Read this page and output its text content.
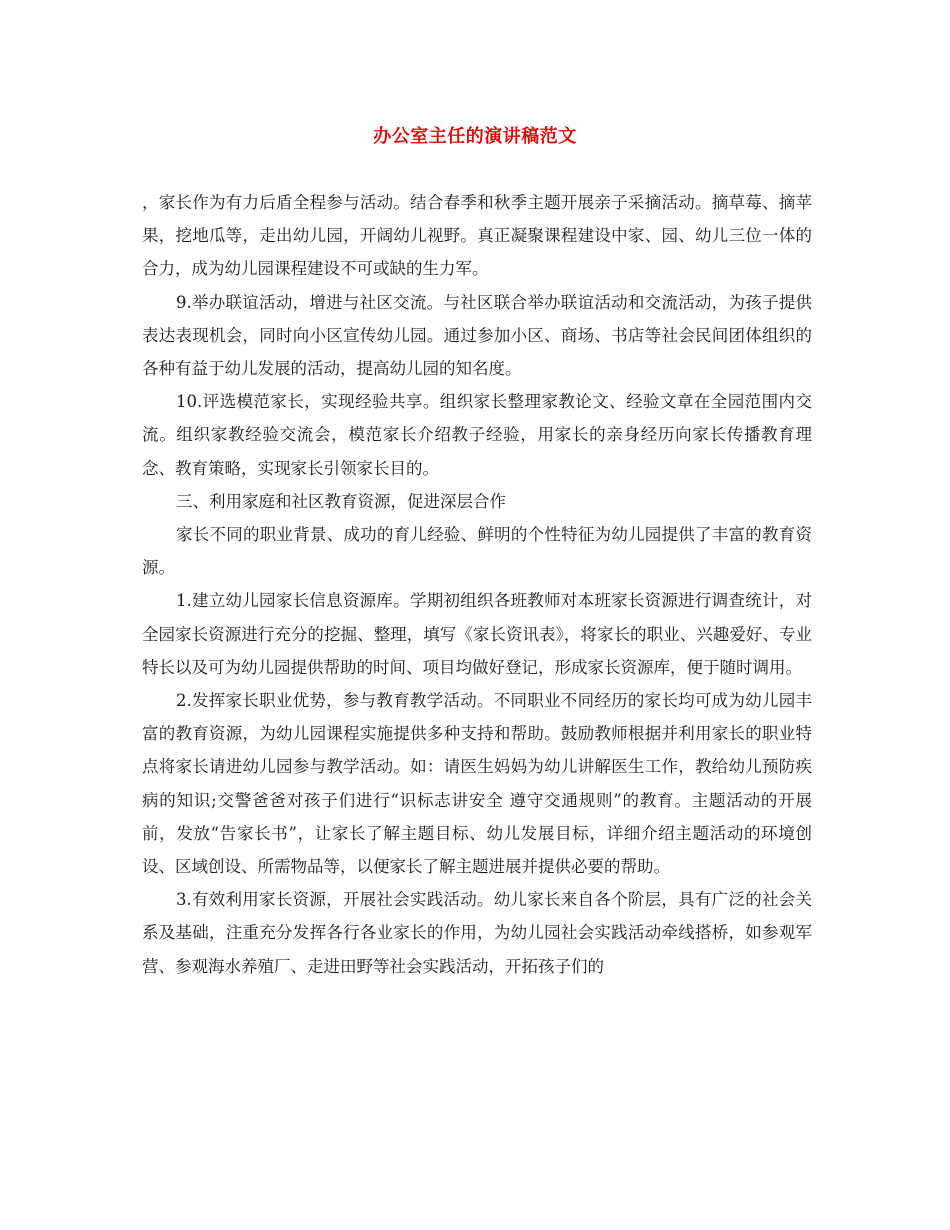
办公室主任的演讲稿范文

，家长作为有力后盾全程参与活动。结合春季和秋季主题开展亲子采摘活动。摘草莓、摘苹果，挖地瓜等，走出幼儿园，开阔幼儿视野。真正凝聚课程建设中家、园、幼儿三位一体的合力，成为幼儿园课程建设不可或缺的生力军。

9.举办联谊活动，增进与社区交流。与社区联合举办联谊活动和交流活动，为孩子提供表达表现机会，同时向小区宣传幼儿园。通过参加小区、商场、书店等社会民间团体组织的各种有益于幼儿发展的活动，提高幼儿园的知名度。

10.评选模范家长，实现经验共享。组织家长整理家教论文、经验文章在全园范围内交流。组织家教经验交流会，模范家长介绍教子经验，用家长的亲身经历向家长传播教育理念、教育策略，实现家长引领家长目的。

三、利用家庭和社区教育资源，促进深层合作

家长不同的职业背景、成功的育儿经验、鲜明的个性特征为幼儿园提供了丰富的教育资源。

1.建立幼儿园家长信息资源库。学期初组织各班教师对本班家长资源进行调查统计，对全园家长资源进行充分的挖掘、整理，填写《家长资讯表》，将家长的职业、兴趣爱好、专业特长以及可为幼儿园提供帮助的时间、项目均做好登记，形成家长资源库，便于随时调用。

2.发挥家长职业优势，参与教育教学活动。不同职业不同经历的家长均可成为幼儿园丰富的教育资源，为幼儿园课程实施提供多种支持和帮助。鼓励教师根据并利用家长的职业特点将家长请进幼儿园参与教学活动。如：请医生妈妈为幼儿讲解医生工作，教给幼儿预防疾病的知识;交警爸爸对孩子们进行“识标志讲安全 遵守交通规则”的教育。主题活动的开展前，发放“告家长书”，让家长了解主题目标、幼儿发展目标，详细介绍主题活动的环境创设、区域创设、所需物品等，以便家长了解主题进展并提供必要的帮助。

3.有效利用家长资源，开展社会实践活动。幼儿家长来自各个阶层，具有广泛的社会关系及基础，注重充分发挥各行各业家长的作用，为幼儿园社会实践活动牵线搭桥，如参观军营、参观海水养殖厂、走进田野等社会实践活动，开拓孩子们的
